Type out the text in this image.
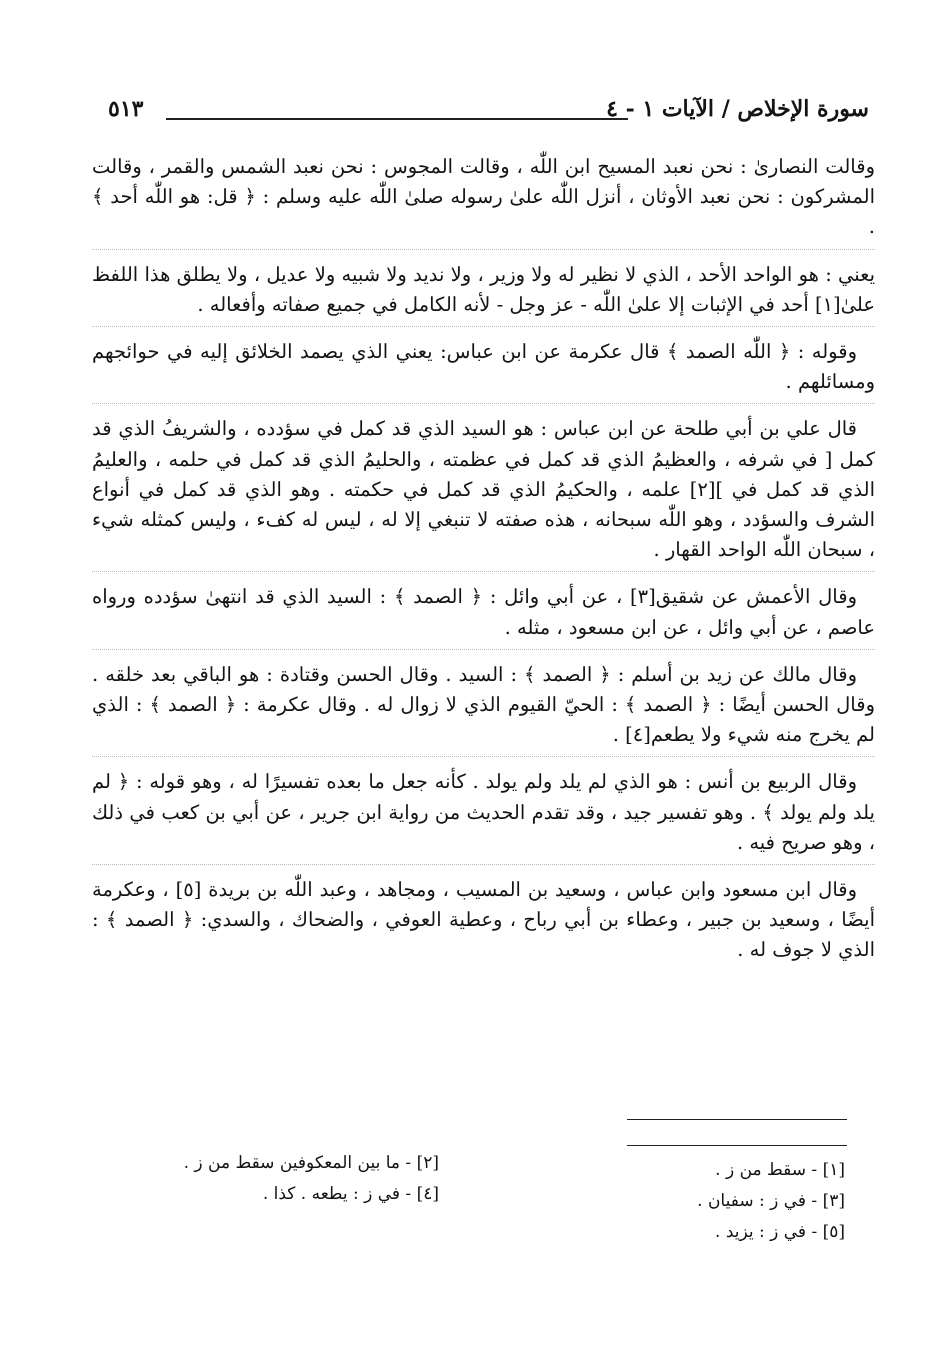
سورة الإخلاص / الآيات ١ - ٤
٥١٣

وقالت النصارىٰ : نحن نعبد المسيح ابن اللّٰه ، وقالت المجوس : نحن نعبد الشمس والقمر ، وقالت المشركون : نحن نعبد الأوثان ، أنزل اللّٰه علىٰ رسوله صلىٰ اللّٰه عليه وسلم : ﴿ قل: هو اللّٰه أحد ﴾ .

يعني : هو الواحد الأحد ، الذي لا نظير له ولا وزير ، ولا نديد ولا شبيه ولا عديل ، ولا يطلق هذا اللفظ علىٰ[١] أحد في الإثبات إلا علىٰ اللّٰه - عز وجل - لأنه الكامل في جميع صفاته وأفعاله .

وقوله : ﴿ اللّٰه الصمد ﴾ قال عكرمة عن ابن عباس: يعني الذي يصمد الخلائق إليه في حوائجهم ومسائلهم .

قال علي بن أبي طلحة عن ابن عباس : هو السيد الذي قد كمل في سؤدده ، والشريفُ الذي قد كمل [ في شرفه ، والعظيمُ الذي قد كمل في عظمته ، والحليمُ الذي قد كمل في حلمه ، والعليمُ الذي قد كمل في ][٢] علمه ، والحكيمُ الذي قد كمل في حكمته . وهو الذي قد كمل في أنواع الشرف والسؤدد ، وهو اللّٰه سبحانه ، هذه صفته لا تنبغي إلا له ، ليس له كفء ، وليس كمثله شيء ، سبحان اللّٰه الواحد القهار .

وقال الأعمش عن شقيق[٣] ، عن أبي وائل : ﴿ الصمد ﴾ : السيد الذي قد انتهىٰ سؤدده ورواه عاصم ، عن أبي وائل ، عن ابن مسعود ، مثله .

وقال مالك عن زيد بن أسلم : ﴿ الصمد ﴾ : السيد . وقال الحسن وقتادة : هو الباقي بعد خلقه . وقال الحسن أيضًا : ﴿ الصمد ﴾ : الحيّ القيوم الذي لا زوال له . وقال عكرمة : ﴿ الصمد ﴾ : الذي لم يخرج منه شيء ولا يطعم[٤] .

وقال الربيع بن أنس : هو الذي لم يلد ولم يولد . كأنه جعل ما بعده تفسيرًا له ، وهو قوله : ﴿ لم يلد ولم يولد ﴾ . وهو تفسير جيد ، وقد تقدم الحديث من رواية ابن جرير ، عن أبي بن كعب في ذلك ، وهو صريح فيه .

وقال ابن مسعود وابن عباس ، وسعيد بن المسيب ، ومجاهد ، وعبد اللّٰه بن بريدة [٥] ، وعكرمة أيضًا ، وسعيد بن جبير ، وعطاء بن أبي رباح ، وعطية العوفي ، والضحاك ، والسدي: ﴿ الصمد ﴾ : الذي لا جوف له .

[١] - سقط من ز .
[٣] - في ز : سفيان .
[٥] - في ز : يزيد .
[٢] - ما بين المعكوفين سقط من ز .
[٤] - في ز : يطعه . كذا .
